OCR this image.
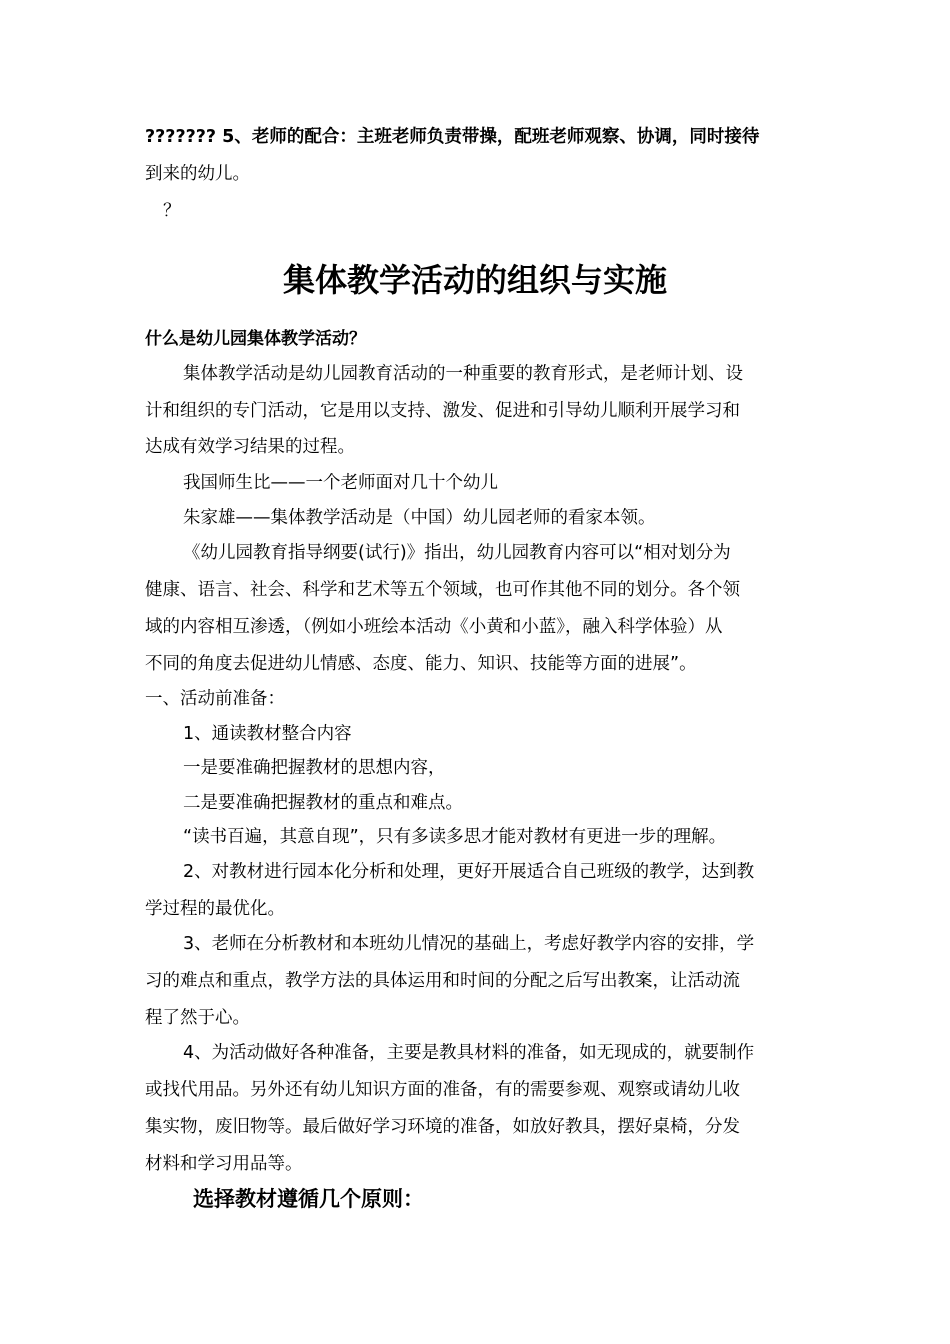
??????? 5、老师的配合：主班老师负责带操，配班老师观察、协调，同时接待
到来的幼儿。
？
集体教学活动的组织与实施
什么是幼儿园集体教学活动？
集体教学活动是幼儿园教育活动的一种重要的教育形式，是老师计划、设
计和组织的专门活动，它是用以支持、激发、促进和引导幼儿顺利开展学习和
达成有效学习结果的过程。
我国师生比——一个老师面对几十个幼儿
朱家雄——集体教学活动是（中国）幼儿园老师的看家本领。
《幼儿园教育指导纲要(试行)》指出，幼儿园教育内容可以“相对划分为
健康、语言、社会、科学和艺术等五个领域，也可作其他不同的划分。各个领
域的内容相互渗透，（例如小班绘本活动《小黄和小蓝》，融入科学体验）从
不同的角度去促进幼儿情感、态度、能力、知识、技能等方面的进展”。
一、活动前准备：
1、通读教材整合内容
一是要准确把握教材的思想内容，
二是要准确把握教材的重点和难点。
“读书百遍，其意自现”，只有多读多思才能对教材有更进一步的理解。
2、对教材进行园本化分析和处理，更好开展适合自己班级的教学，达到教
学过程的最优化。
3、老师在分析教材和本班幼儿情况的基础上，考虑好教学内容的安排，学
习的难点和重点，教学方法的具体运用和时间的分配之后写出教案，让活动流
程了然于心。
4、为活动做好各种准备，主要是教具材料的准备，如无现成的，就要制作
或找代用品。另外还有幼儿知识方面的准备，有的需要参观、观察或请幼儿收
集实物，废旧物等。最后做好学习环境的准备，如放好教具，摆好桌椅，分发
材料和学习用品等。
选择教材遵循几个原则：
